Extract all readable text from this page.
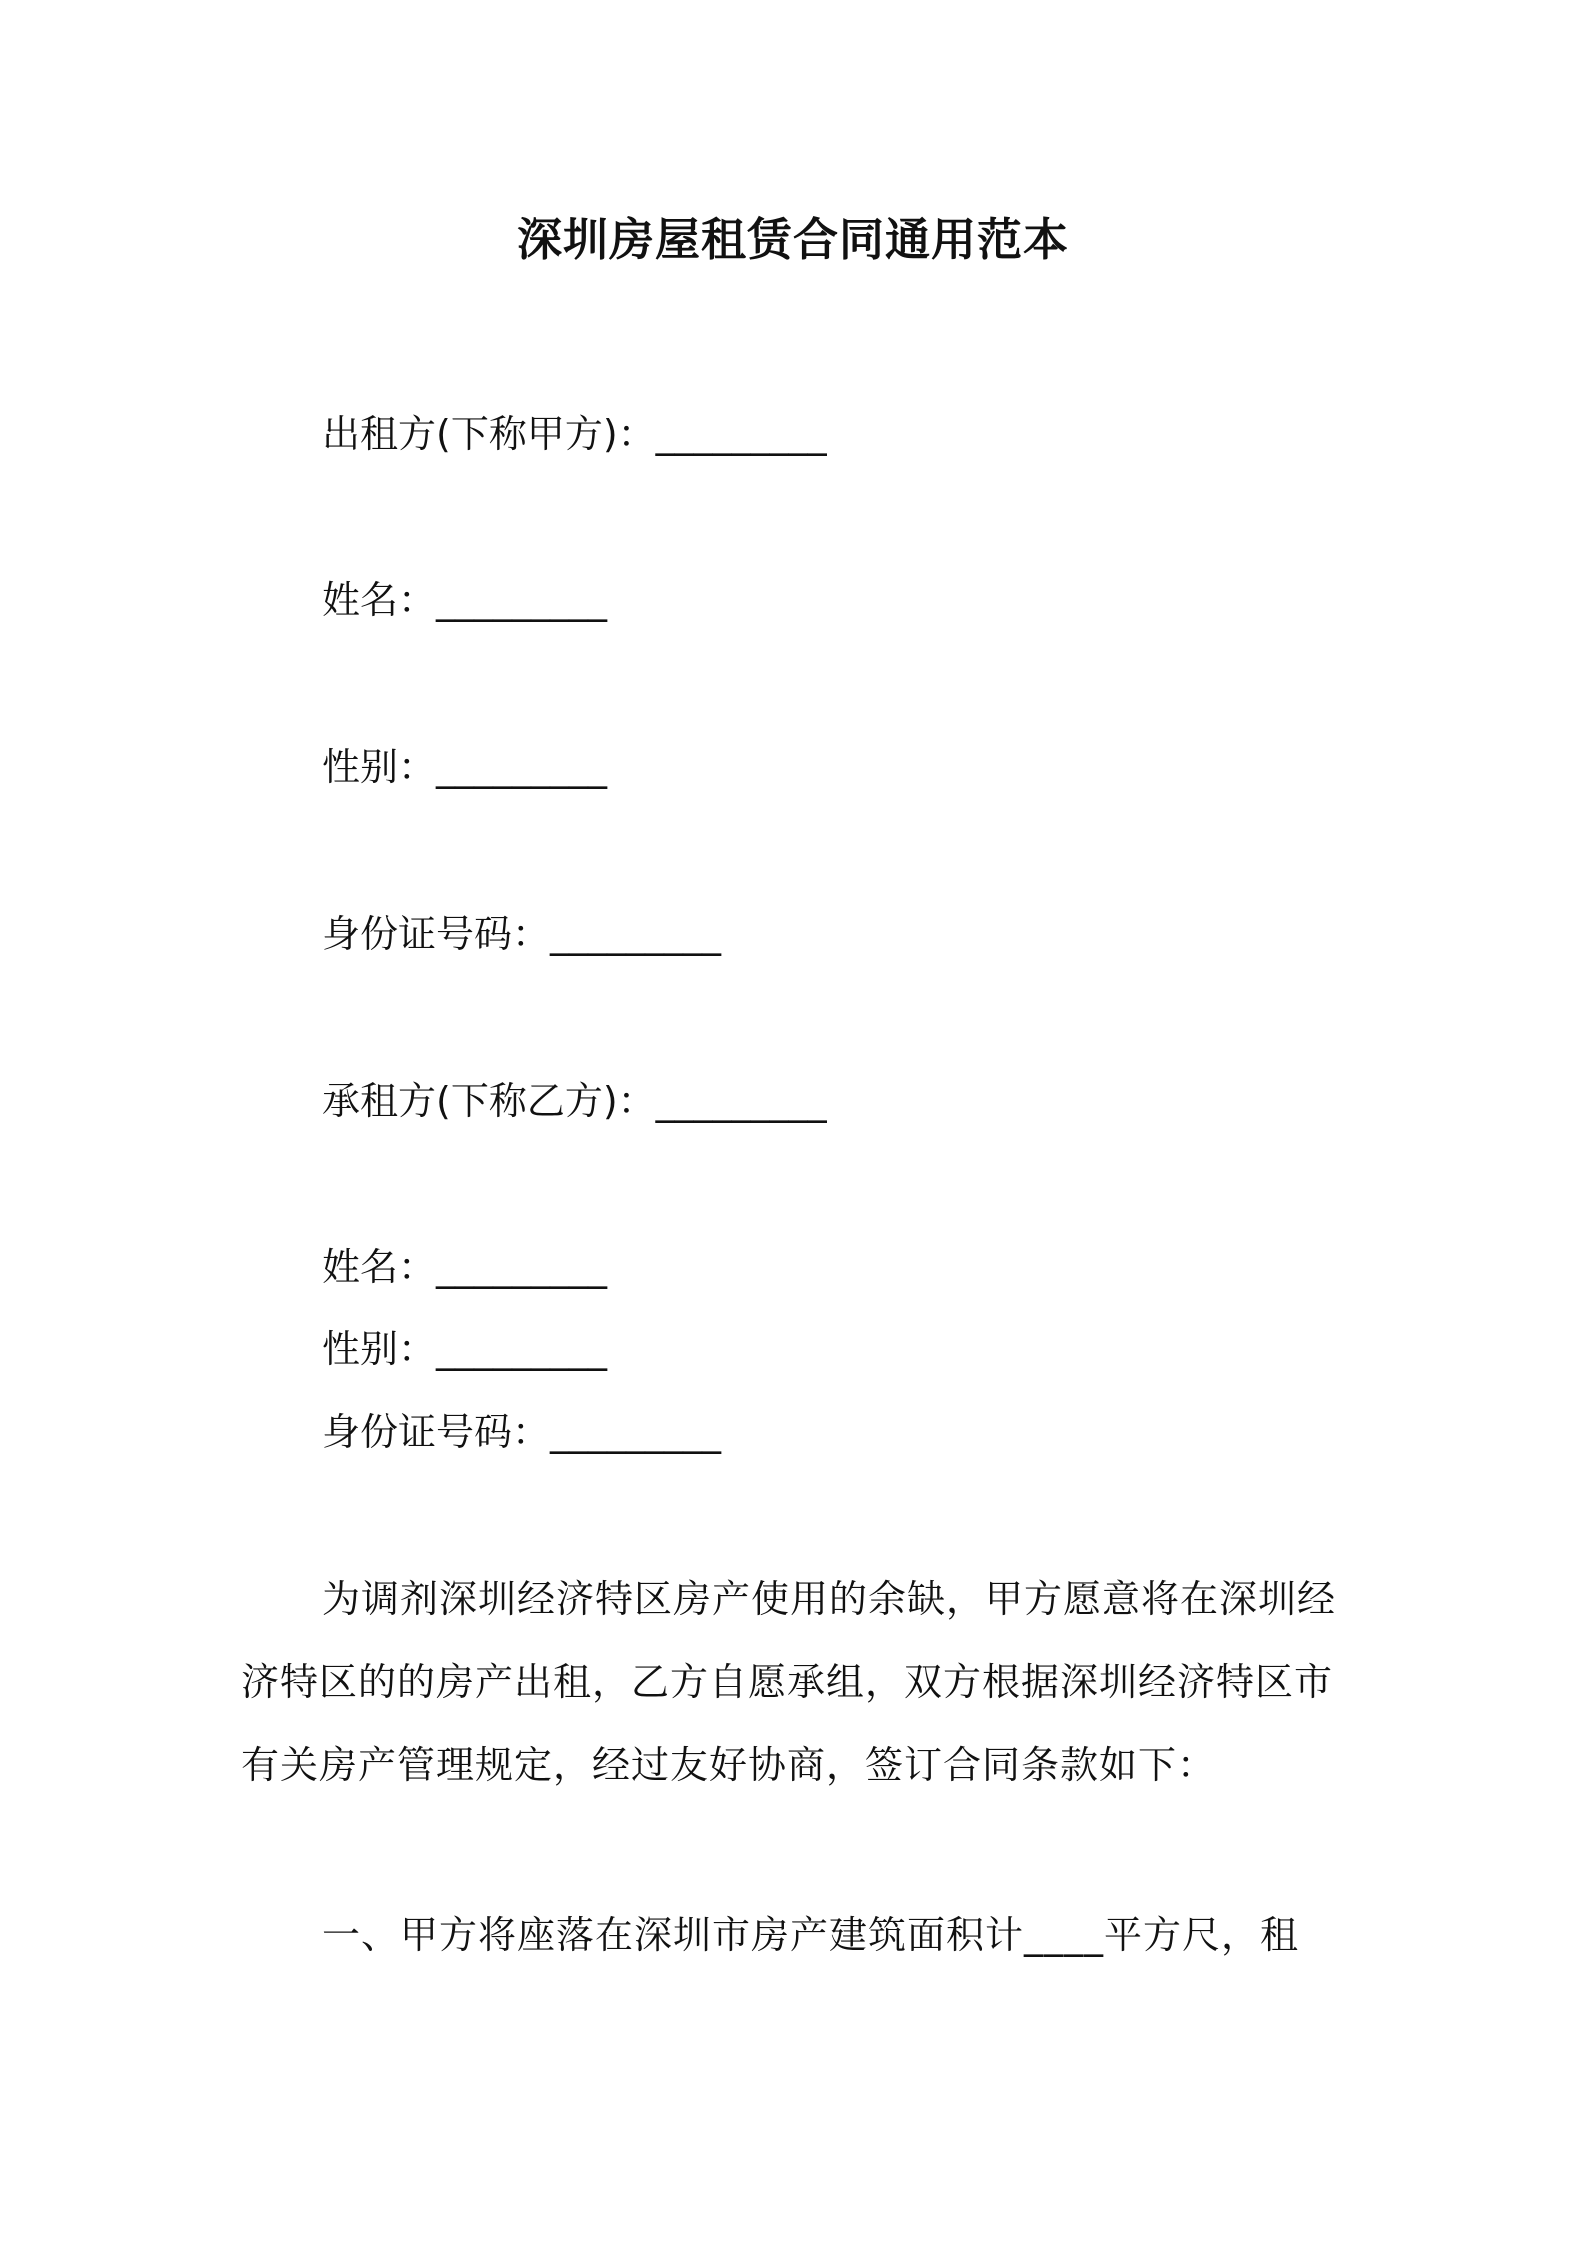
深圳房屋租赁合同通用范本
出租方(下称甲方)：_________
姓名：_________
性别：_________
身份证号码：_________
承租方(下称乙方)：_________
姓名：_________
性别：_________
身份证号码：_________
为调剂深圳经济特区房产使用的余缺，甲方愿意将在深圳经
济特区的的房产出租，乙方自愿承组，双方根据深圳经济特区市
有关房产管理规定，经过友好协商，签订合同条款如下：
一、甲方将座落在深圳市房产建筑面积计____平方尺，租
